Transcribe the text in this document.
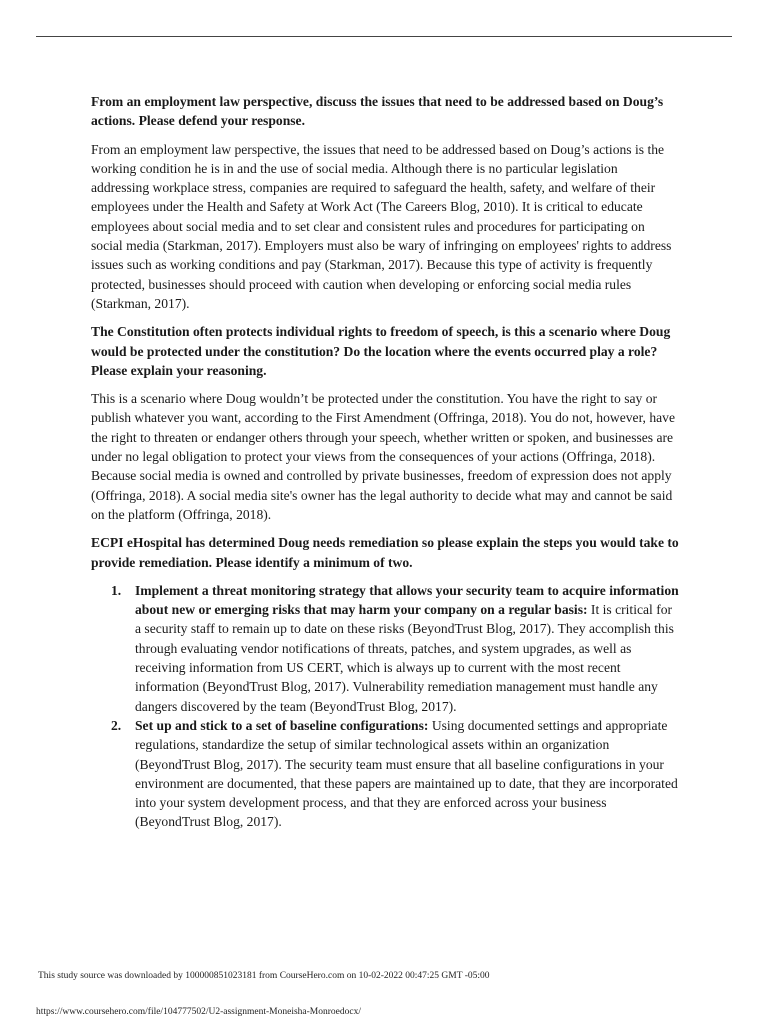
From an employment law perspective, discuss the issues that need to be addressed based on Doug’s actions. Please defend your response.

From an employment law perspective, the issues that need to be addressed based on Doug’s actions is the working condition he is in and the use of social media. Although there is no particular legislation addressing workplace stress, companies are required to safeguard the health, safety, and welfare of their employees under the Health and Safety at Work Act (The Careers Blog, 2010). It is critical to educate employees about social media and to set clear and consistent rules and procedures for participating on social media (Starkman, 2017). Employers must also be wary of infringing on employees' rights to address issues such as working conditions and pay (Starkman, 2017). Because this type of activity is frequently protected, businesses should proceed with caution when developing or enforcing social media rules (Starkman, 2017).

The Constitution often protects individual rights to freedom of speech, is this a scenario where Doug would be protected under the constitution? Do the location where the events occurred play a role? Please explain your reasoning.

This is a scenario where Doug wouldn’t be protected under the constitution. You have the right to say or publish whatever you want, according to the First Amendment (Offringa, 2018). You do not, however, have the right to threaten or endanger others through your speech, whether written or spoken, and businesses are under no legal obligation to protect your views from the consequences of your actions (Offringa, 2018). Because social media is owned and controlled by private businesses, freedom of expression does not apply (Offringa, 2018). A social media site's owner has the legal authority to decide what may and cannot be said on the platform (Offringa, 2018).

ECPI eHospital has determined Doug needs remediation so please explain the steps you would take to provide remediation. Please identify a minimum of two.

1. Implement a threat monitoring strategy that allows your security team to acquire information about new or emerging risks that may harm your company on a regular basis: It is critical for a security staff to remain up to date on these risks (BeyondTrust Blog, 2017). They accomplish this through evaluating vendor notifications of threats, patches, and system upgrades, as well as receiving information from US CERT, which is always up to current with the most recent information (BeyondTrust Blog, 2017). Vulnerability remediation management must handle any dangers discovered by the team (BeyondTrust Blog, 2017).
2. Set up and stick to a set of baseline configurations: Using documented settings and appropriate regulations, standardize the setup of similar technological assets within an organization (BeyondTrust Blog, 2017). The security team must ensure that all baseline configurations in your environment are documented, that these papers are maintained up to date, that they are incorporated into your system development process, and that they are enforced across your business (BeyondTrust Blog, 2017).
This study source was downloaded by 100000851023181 from CourseHero.com on 10-02-2022 00:47:25 GMT -05:00
https://www.coursehero.com/file/104777502/U2-assignment-Moneisha-Monroedocx/
